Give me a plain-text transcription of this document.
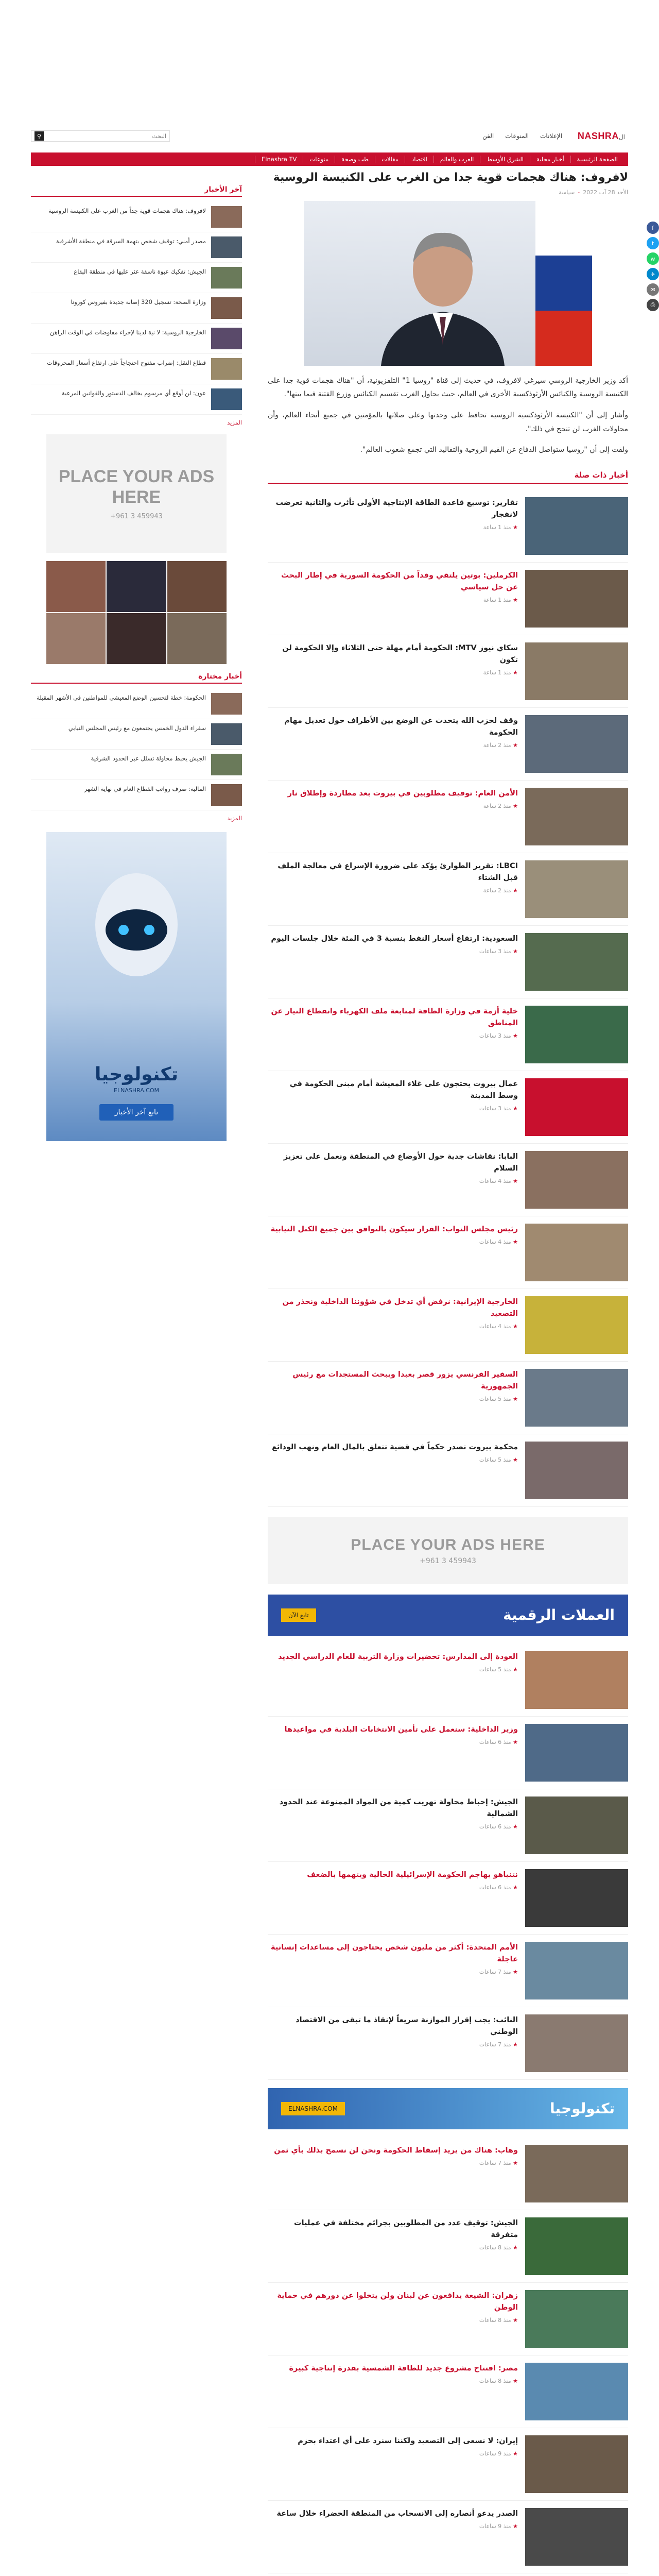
الNASHRA
الإعلانات
المنوعات
الفن
البحث
⚲
الصفحة الرئيسية
أخبار محلية
الشرق الأوسط
العرب والعالم
اقتصاد
مقالات
طب وصحة
منوعات
Elnashra TV
f
t
w
✈
✉
⎙
لافروف: هناك هجمات قوية جدا من الغرب على الكنيسة الروسية
الأحد 28 آب 2022-سياسة

أكد وزير الخارجية الروسي سيرغي لافروف، في حديث إلى قناة "روسيا 1" التلفزيونية، أن "هناك هجمات قوية جدا على الكنيسة الروسية والكنائس الأرثوذكسية الأخرى في العالم، حيث يحاول الغرب تقسيم الكنائس وزرع الفتنة فيما بينها".

وأشار إلى أن "الكنيسة الأرثوذكسية الروسية تحافظ على وحدتها وعلى صلاتها بالمؤمنين في جميع أنحاء العالم، وأن محاولات الغرب لن تنجح في ذلك".

ولفت إلى أن "روسيا ستواصل الدفاع عن القيم الروحية والتقاليد التي تجمع شعوب العالم".

أخبار ذات صلة
تقارير: توسيع قاعدة الطاقة الإنتاجية الأولى تأثرت والثانية تعرضت لانفجار
★ منذ 1 ساعة
الكرملين: بوتين يلتقي وفداً من الحكومة السورية في إطار البحث عن حل سياسي
★ منذ 1 ساعة
سكاي نيوز MTV: الحكومة أمام مهلة حتى الثلاثاء وإلا الحكومة لن تكون
★ منذ 1 ساعة
وقف لحزب الله يتحدث عن الوضع بين الأطراف حول تعديل مهام الحكومة
★ منذ 2 ساعة
الأمن العام: توقيف مطلوبين في بيروت بعد مطاردة وإطلاق نار
★ منذ 2 ساعة
LBCI: تقرير الطوارئ يؤكد على ضرورة الإسراع في معالجة الملف قبل الشتاء
★ منذ 2 ساعة
السعودية: ارتفاع أسعار النفط بنسبة 3 في المئة خلال جلسات اليوم
★ منذ 3 ساعات
خلية أزمة في وزارة الطاقة لمتابعة ملف الكهرباء وانقطاع التيار عن المناطق
★ منذ 3 ساعات
عمال بيروت يحتجون على غلاء المعيشة أمام مبنى الحكومة في وسط المدينة
★ منذ 3 ساعات
البابا: نقاشات جدية حول الأوضاع في المنطقة ونعمل على تعزيز السلام
★ منذ 4 ساعات
رئيس مجلس النواب: القرار سيكون بالتوافق بين جميع الكتل النيابية
★ منذ 4 ساعات
الخارجية الإيرانية: نرفض أي تدخل في شؤوننا الداخلية ونحذر من التصعيد
★ منذ 4 ساعات
السفير الفرنسي يزور قصر بعبدا ويبحث المستجدات مع رئيس الجمهورية
★ منذ 5 ساعات
محكمة بيروت تصدر حكماً في قضية تتعلق بالمال العام ونهب الودائع
★ منذ 5 ساعات
PLACE YOUR ADS HERE
+961 3 459943
العملات الرقمية
تابع الآن
العودة إلى المدارس: تحضيرات وزارة التربية للعام الدراسي الجديد
★ منذ 5 ساعات
وزير الداخلية: سنعمل على تأمين الانتخابات البلدية في مواعيدها
★ منذ 6 ساعات
الجيش: إحباط محاولة تهريب كمية من المواد الممنوعة عند الحدود الشمالية
★ منذ 6 ساعات
نتنياهو يهاجم الحكومة الإسرائيلية الحالية ويتهمها بالضعف
★ منذ 6 ساعات
الأمم المتحدة: أكثر من مليون شخص يحتاجون إلى مساعدات إنسانية عاجلة
★ منذ 7 ساعات
النائب: يجب إقرار الموازنة سريعاً لإنقاذ ما تبقى من الاقتصاد الوطني
★ منذ 7 ساعات
تكنولوجيا
ELNASHRA.COM
وهاب: هناك من يريد إسقاط الحكومة ونحن لن نسمح بذلك بأي ثمن
★ منذ 7 ساعات
الجيش: توقيف عدد من المطلوبين بجرائم مختلفة في عمليات متفرقة
★ منذ 8 ساعات
زهران: الشيعة يدافعون عن لبنان ولن يتخلوا عن دورهم في حماية الوطن
★ منذ 8 ساعات
مصر: افتتاح مشروع جديد للطاقة الشمسية بقدرة إنتاجية كبيرة
★ منذ 8 ساعات
إيران: لا نسعى إلى التصعيد ولكننا سنرد على أي اعتداء بحزم
★ منذ 9 ساعات
الصدر يدعو أنصاره إلى الانسحاب من المنطقة الخضراء خلال ساعة
★ منذ 9 ساعات
آخر الأخبار
لافروف: هناك هجمات قوية جداً من الغرب على الكنيسة الروسية
مصدر أمني: توقيف شخص بتهمة السرقة في منطقة الأشرفية
الجيش: تفكيك عبوة ناسفة عثر عليها في منطقة البقاع
وزارة الصحة: تسجيل 320 إصابة جديدة بفيروس كورونا
الخارجية الروسية: لا نية لدينا لإجراء مفاوضات في الوقت الراهن
قطاع النقل: إضراب مفتوح احتجاجاً على ارتفاع أسعار المحروقات
عون: لن أوقع أي مرسوم يخالف الدستور والقوانين المرعية
المزيد
PLACE YOUR ADS HERE
+961 3 459943
أخبار مختارة
الحكومة: خطة لتحسين الوضع المعيشي للمواطنين في الأشهر المقبلة
سفراء الدول الخمس يجتمعون مع رئيس المجلس النيابي
الجيش يحبط محاولة تسلل عبر الحدود الشرقية
المالية: صرف رواتب القطاع العام في نهاية الشهر
المزيد
تكنولوجيا
ELNASHRA.COM
تابع آخر الأخبار
